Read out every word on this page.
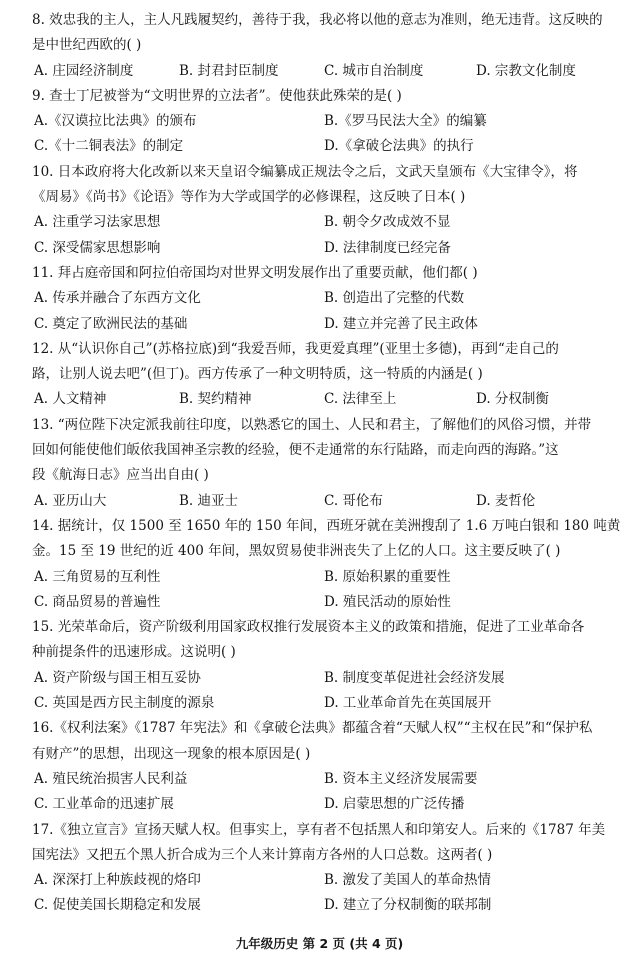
8. 效忠我的主人，主人凡践履契约，善待于我，我必将以他的意志为准则，绝无违背。这反映的
是中世纪西欧的( )
A. 庄园经济制度	B. 封君封臣制度	C. 城市自治制度	D. 宗教文化制度
9. 查士丁尼被誉为“文明世界的立法者”。使他获此殊荣的是( )
A.《汉谟拉比法典》的颁布	B.《罗马民法大全》的编纂
C.《十二铜表法》的制定	D.《拿破仑法典》的执行
10. 日本政府将大化改新以来天皇诏令编纂成正规法令之后，文武天皇颁布《大宝律令》，将
《周易》《尚书》《论语》等作为大学或国学的必修课程，这反映了日本( )
A. 注重学习法家思想	B. 朝令夕改成效不显
C. 深受儒家思想影响	D. 法律制度已经完备
11. 拜占庭帝国和阿拉伯帝国均对世界文明发展作出了重要贡献，他们都( )
A. 传承并融合了东西方文化	B. 创造出了完整的代数
C. 奠定了欧洲民法的基础	D. 建立并完善了民主政体
12. 从“认识你自己”(苏格拉底)到“我爱吾师，我更爱真理”(亚里士多德)，再到“走自己的
路，让别人说去吧”(但丁)。西方传承了一种文明特质，这一特质的内涵是( )
A. 人文精神	B. 契约精神	C. 法律至上	D. 分权制衡
13. “两位陛下决定派我前往印度，以熟悉它的国土、人民和君主，了解他们的风俗习惯，并带
回如何能使他们皈依我国神圣宗教的经验，便不走通常的东行陆路，而走向西的海路。”这
段《航海日志》应当出自由( )
A. 亚历山大	B. 迪亚士	C. 哥伦布	D. 麦哲伦
14. 据统计，仅 1500 至 1650 年的 150 年间，西班牙就在美洲搜刮了 1.6 万吨白银和 180 吨黄
金。15 至 19 世纪的近 400 年间，黑奴贸易使非洲丧失了上亿的人口。这主要反映了( )
A. 三角贸易的互利性	B. 原始积累的重要性
C. 商品贸易的普遍性	D. 殖民活动的原始性
15. 光荣革命后，资产阶级利用国家政权推行发展资本主义的政策和措施，促进了工业革命各
种前提条件的迅速形成。这说明( )
A. 资产阶级与国王相互妥协	B. 制度变革促进社会经济发展
C. 英国是西方民主制度的源泉	D. 工业革命首先在英国展开
16.《权利法案》《1787 年宪法》和《拿破仑法典》都蕴含着“天赋人权”“主权在民”和“保护私
有财产”的思想，出现这一现象的根本原因是( )
A. 殖民统治损害人民利益	B. 资本主义经济发展需要
C. 工业革命的迅速扩展	D. 启蒙思想的广泛传播
17.《独立宣言》宣扬天赋人权。但事实上，享有者不包括黑人和印第安人。后来的《1787 年美
国宪法》又把五个黑人折合成为三个人来计算南方各州的人口总数。这两者( )
A. 深深打上种族歧视的烙印	B. 激发了美国人的革命热情
C. 促使美国长期稳定和发展	D. 建立了分权制衡的联邦制
九年级历史 第 2 页 (共 4 页)
